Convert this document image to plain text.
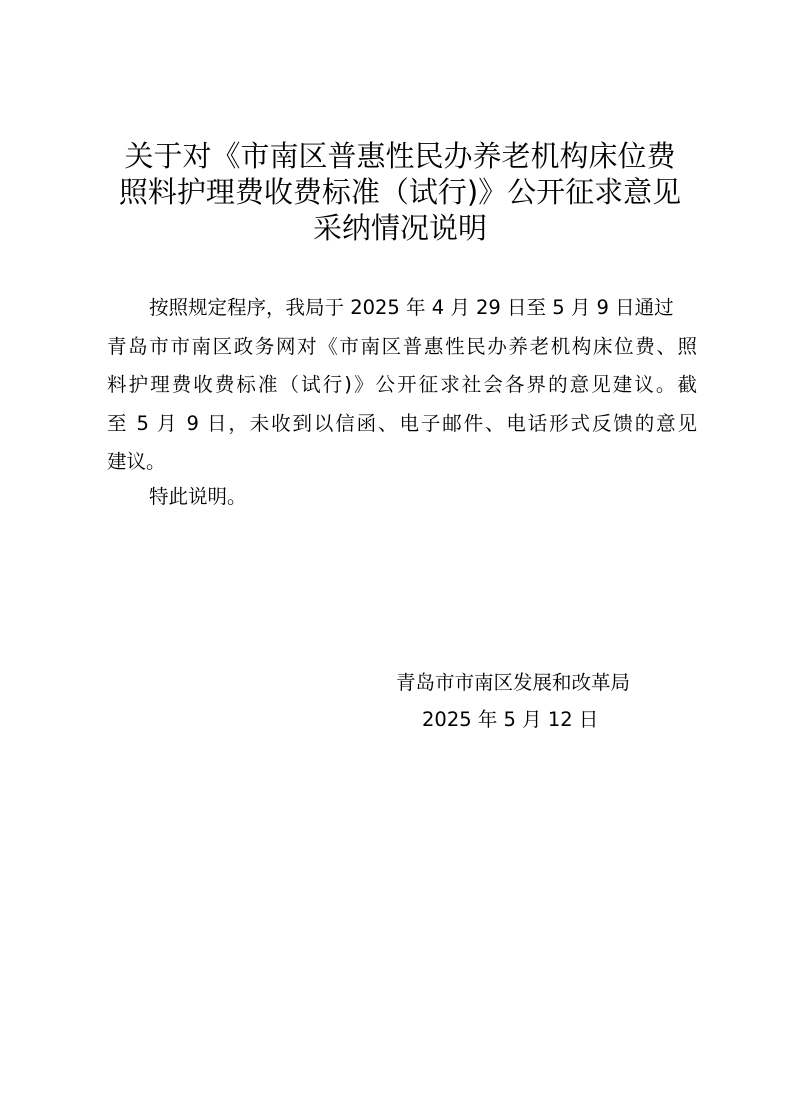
关于对《市南区普惠性民办养老机构床位费
照料护理费收费标准（试行)》公开征求意见
采纳情况说明
按照规定程序，我局于 2025 年 4 月 29 日至 5 月 9 日通过
青岛市市南区政务网对《市南区普惠性民办养老机构床位费、照
料护理费收费标准（试行)》公开征求社会各界的意见建议。截
至 5 月 9 日，未收到以信函、电子邮件、电话形式反馈的意见
建议。
特此说明。
青岛市市南区发展和改革局
2025 年 5 月 12 日
